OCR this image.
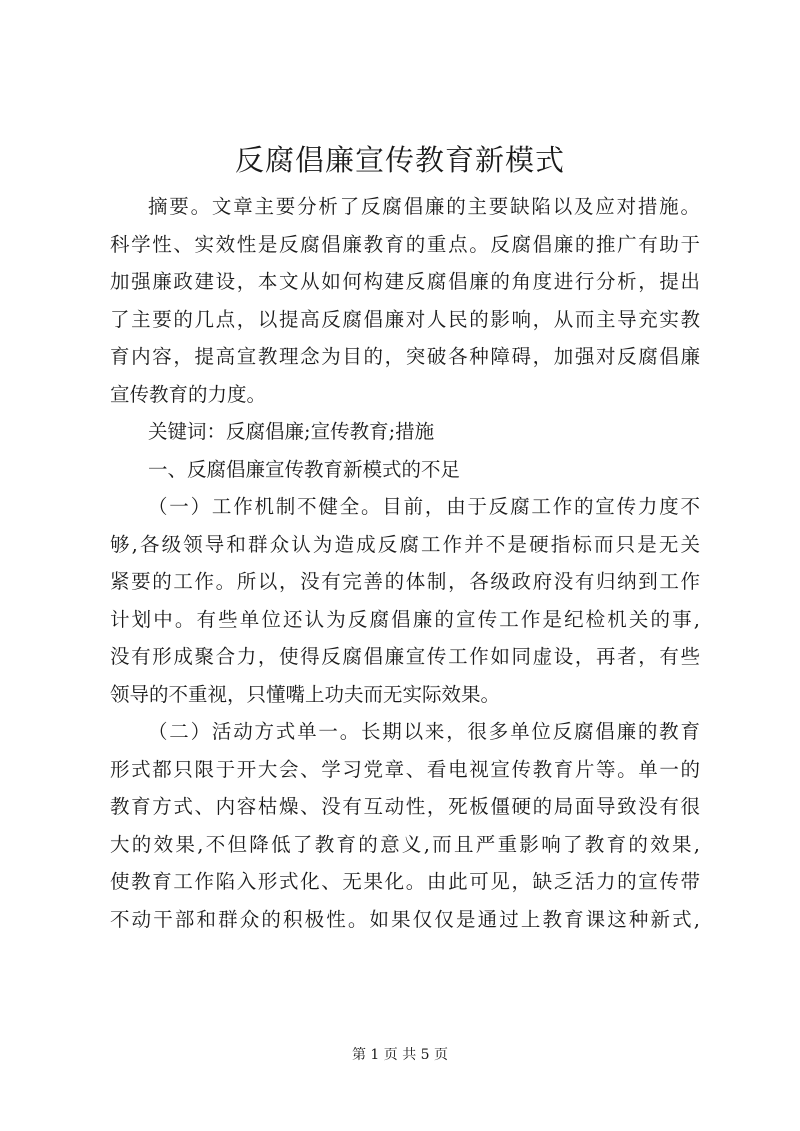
反腐倡廉宣传教育新模式
摘要。文章主要分析了反腐倡廉的主要缺陷以及应对措施。
科学性、实效性是反腐倡廉教育的重点。反腐倡廉的推广有助于
加强廉政建设，本文从如何构建反腐倡廉的角度进行分析，提出
了主要的几点，以提高反腐倡廉对人民的影响，从而主导充实教
育内容，提高宣教理念为目的，突破各种障碍，加强对反腐倡廉
宣传教育的力度。
关键词：反腐倡廉;宣传教育;措施
一、反腐倡廉宣传教育新模式的不足
（一）工作机制不健全。目前，由于反腐工作的宣传力度不
够,各级领导和群众认为造成反腐工作并不是硬指标而只是无关
紧要的工作。所以，没有完善的体制，各级政府没有归纳到工作
计划中。有些单位还认为反腐倡廉的宣传工作是纪检机关的事,
没有形成聚合力，使得反腐倡廉宣传工作如同虚设，再者，有些
领导的不重视，只懂嘴上功夫而无实际效果。
（二）活动方式单一。长期以来，很多单位反腐倡廉的教育
形式都只限于开大会、学习党章、看电视宣传教育片等。单一的
教育方式、内容枯燥、没有互动性，死板僵硬的局面导致没有很
大的效果,不但降低了教育的意义,而且严重影响了教育的效果,
使教育工作陷入形式化、无果化。由此可见，缺乏活力的宣传带
不动干部和群众的积极性。如果仅仅是通过上教育课这种新式,
第 1 页 共 5 页
